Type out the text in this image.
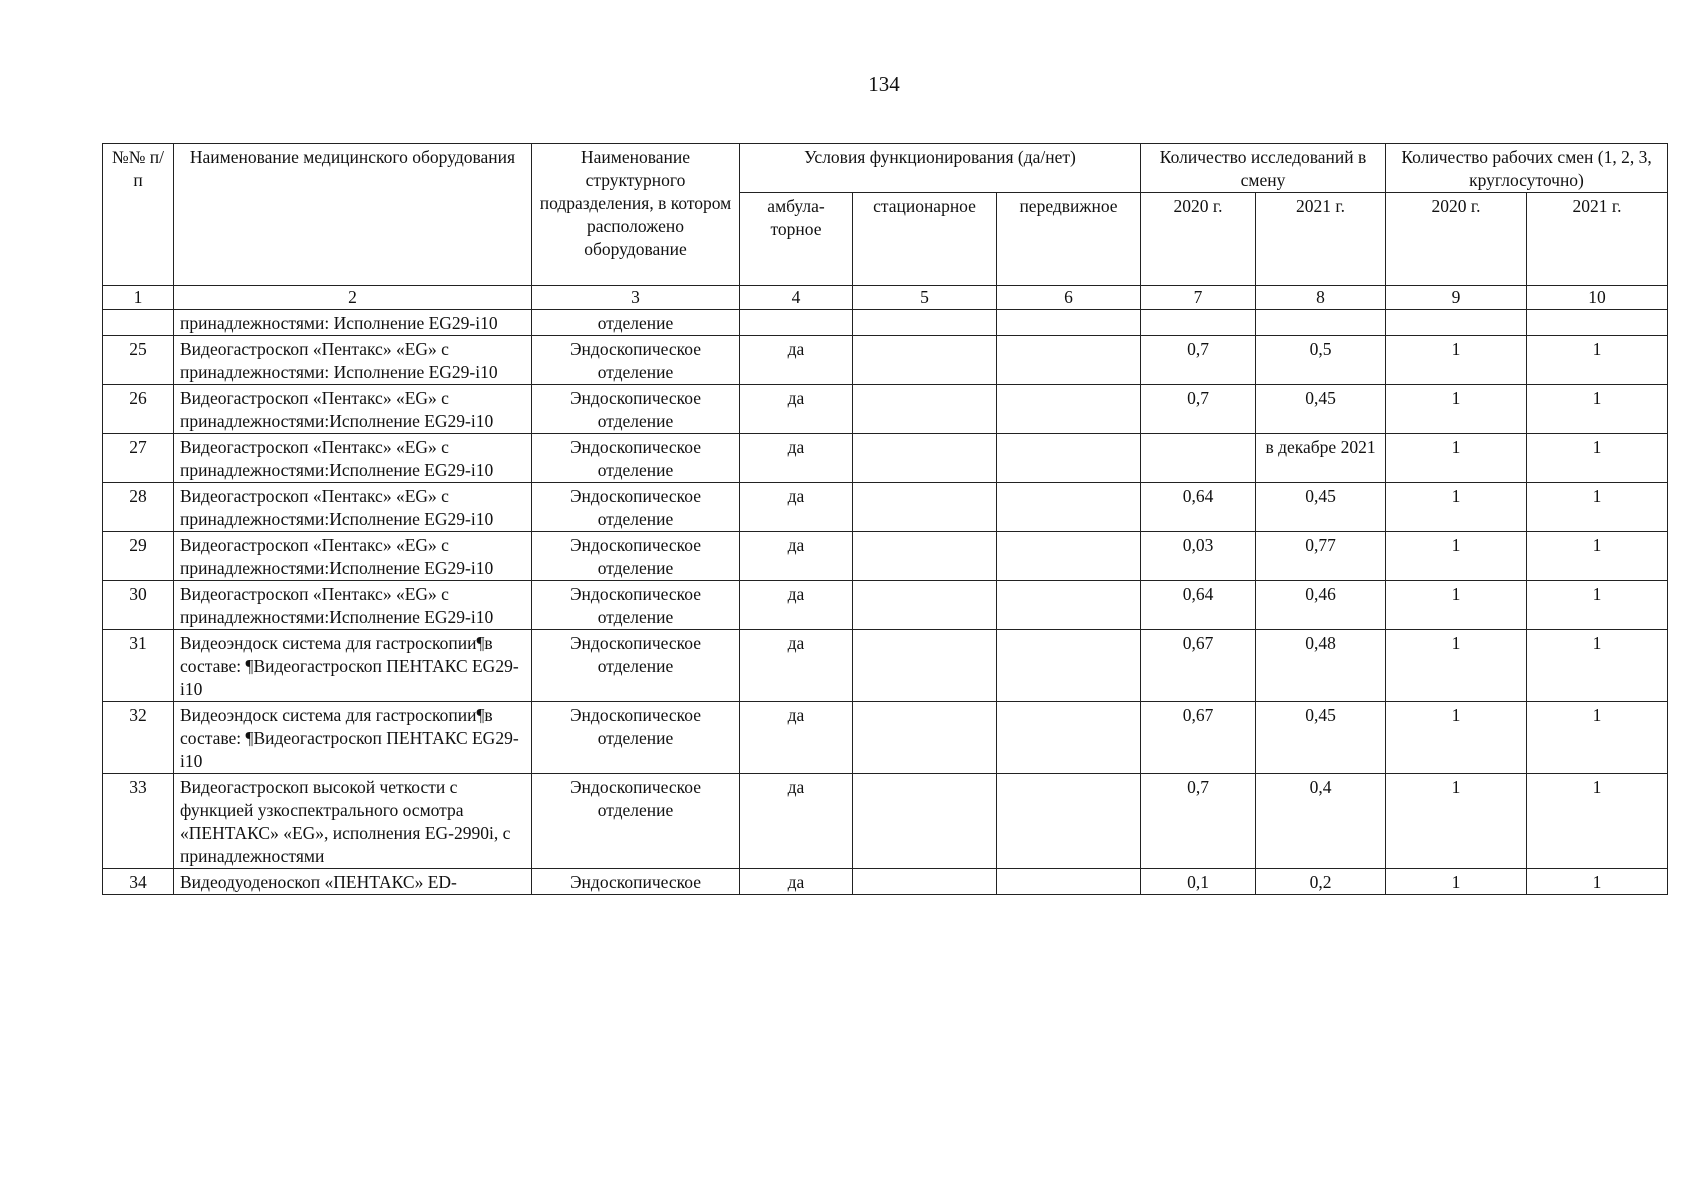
134
№№ п/п	Наименование медицинского оборудования	Наименование структурного подразделения, в котором расположено оборудование	Условия функционирования (да/нет)			Количество исследований в смену		Количество рабочих смен (1, 2, 3, круглосуточно)	
			амбула-торное	стационарное	передвижное	2020 г.	2021 г.	2020 г.	2021 г.
1	2	3	4	5	6	7	8	9	10
	принадлежностями: Исполнение EG29-i10	отделение							
25	Видеогастроскоп «Пентакс» «EG» с принадлежностями: Исполнение EG29-i10	Эндоскопическое отделение	да			0,7	0,5	1	1
26	Видеогастроскоп «Пентакс» «EG» с принадлежностями:Исполнение EG29-i10	Эндоскопическое отделение	да			0,7	0,45	1	1
27	Видеогастроскоп «Пентакс» «EG» с принадлежностями:Исполнение EG29-i10	Эндоскопическое отделение	да				в декабре 2021	1	1
28	Видеогастроскоп «Пентакс» «EG» с принадлежностями:Исполнение EG29-i10	Эндоскопическое отделение	да			0,64	0,45	1	1
29	Видеогастроскоп «Пентакс» «EG» с принадлежностями:Исполнение EG29-i10	Эндоскопическое отделение	да			0,03	0,77	1	1
30	Видеогастроскоп «Пентакс» «EG» с принадлежностями:Исполнение EG29-i10	Эндоскопическое отделение	да			0,64	0,46	1	1
31	Видеоэндоск система для гастроскопии¶в составе: ¶Видеогастроскоп ПЕНТАКС EG29-i10	Эндоскопическое отделение	да			0,67	0,48	1	1
32	Видеоэндоск система для гастроскопии¶в составе: ¶Видеогастроскоп ПЕНТАКС EG29-i10	Эндоскопическое отделение	да			0,67	0,45	1	1
33	Видеогастроскоп высокой четкости с функцией узкоспектрального осмотра «ПЕНТАКС» «EG», исполнения EG-2990i, с принадлежностями	Эндоскопическое отделение	да			0,7	0,4	1	1
34	Видеодуоденоскоп «ПЕНТАКС» ED-	Эндоскопическое	да			0,1	0,2	1	1
